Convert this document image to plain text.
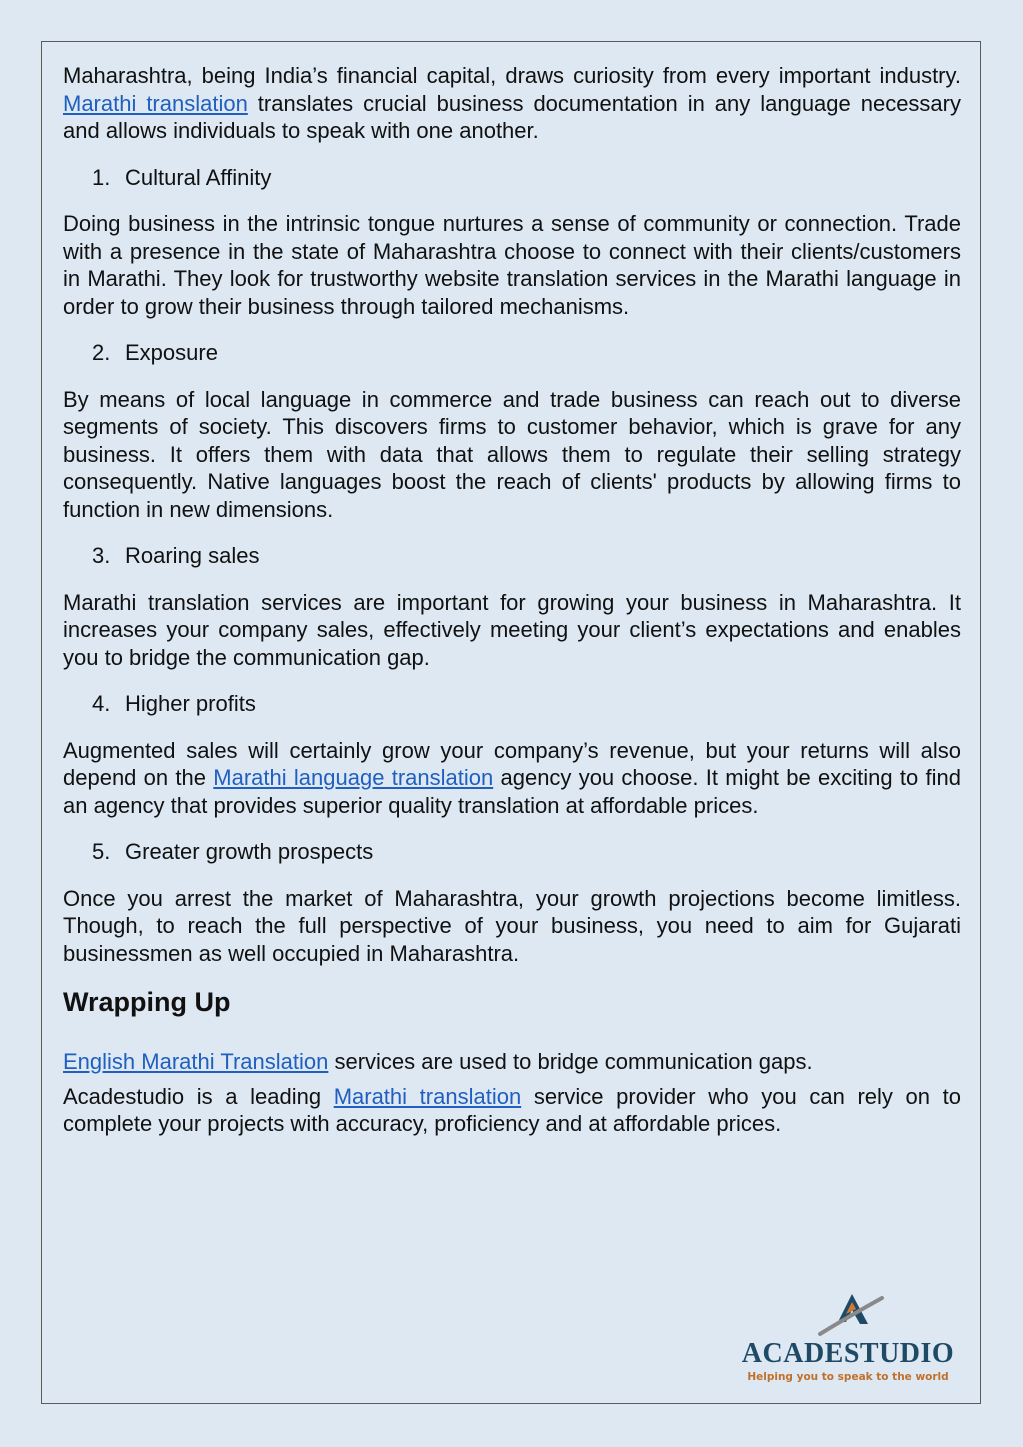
Maharashtra, being India’s financial capital, draws curiosity from every important industry. Marathi translation translates crucial business documentation in any language necessary and allows individuals to speak with one another.

1. Cultural Affinity

Doing business in the intrinsic tongue nurtures a sense of community or connection. Trade with a presence in the state of Maharashtra choose to connect with their clients/customers in Marathi. They look for trustworthy website translation services in the Marathi language in order to grow their business through tailored mechanisms.

2. Exposure

By means of local language in commerce and trade business can reach out to diverse segments of society. This discovers firms to customer behavior, which is grave for any business. It offers them with data that allows them to regulate their selling strategy consequently. Native languages boost the reach of clients' products by allowing firms to function in new dimensions.

3. Roaring sales

Marathi translation services are important for growing your business in Maharashtra. It increases your company sales, effectively meeting your client’s expectations and enables you to bridge the communication gap.

4. Higher profits

Augmented sales will certainly grow your company’s revenue, but your returns will also depend on the Marathi language translation agency you choose. It might be exciting to find an agency that provides superior quality translation at affordable prices.

5. Greater growth prospects

Once you arrest the market of Maharashtra, your growth projections become limitless. Though, to reach the full perspective of your business, you need to aim for Gujarati businessmen as well occupied in Maharashtra.

Wrapping Up

English Marathi Translation services are used to bridge communication gaps.

Acadestudio is a leading Marathi translation service provider who you can rely on to complete your projects with accuracy, proficiency and at affordable prices.

ACADESTUDIO
Helping you to speak to the world
